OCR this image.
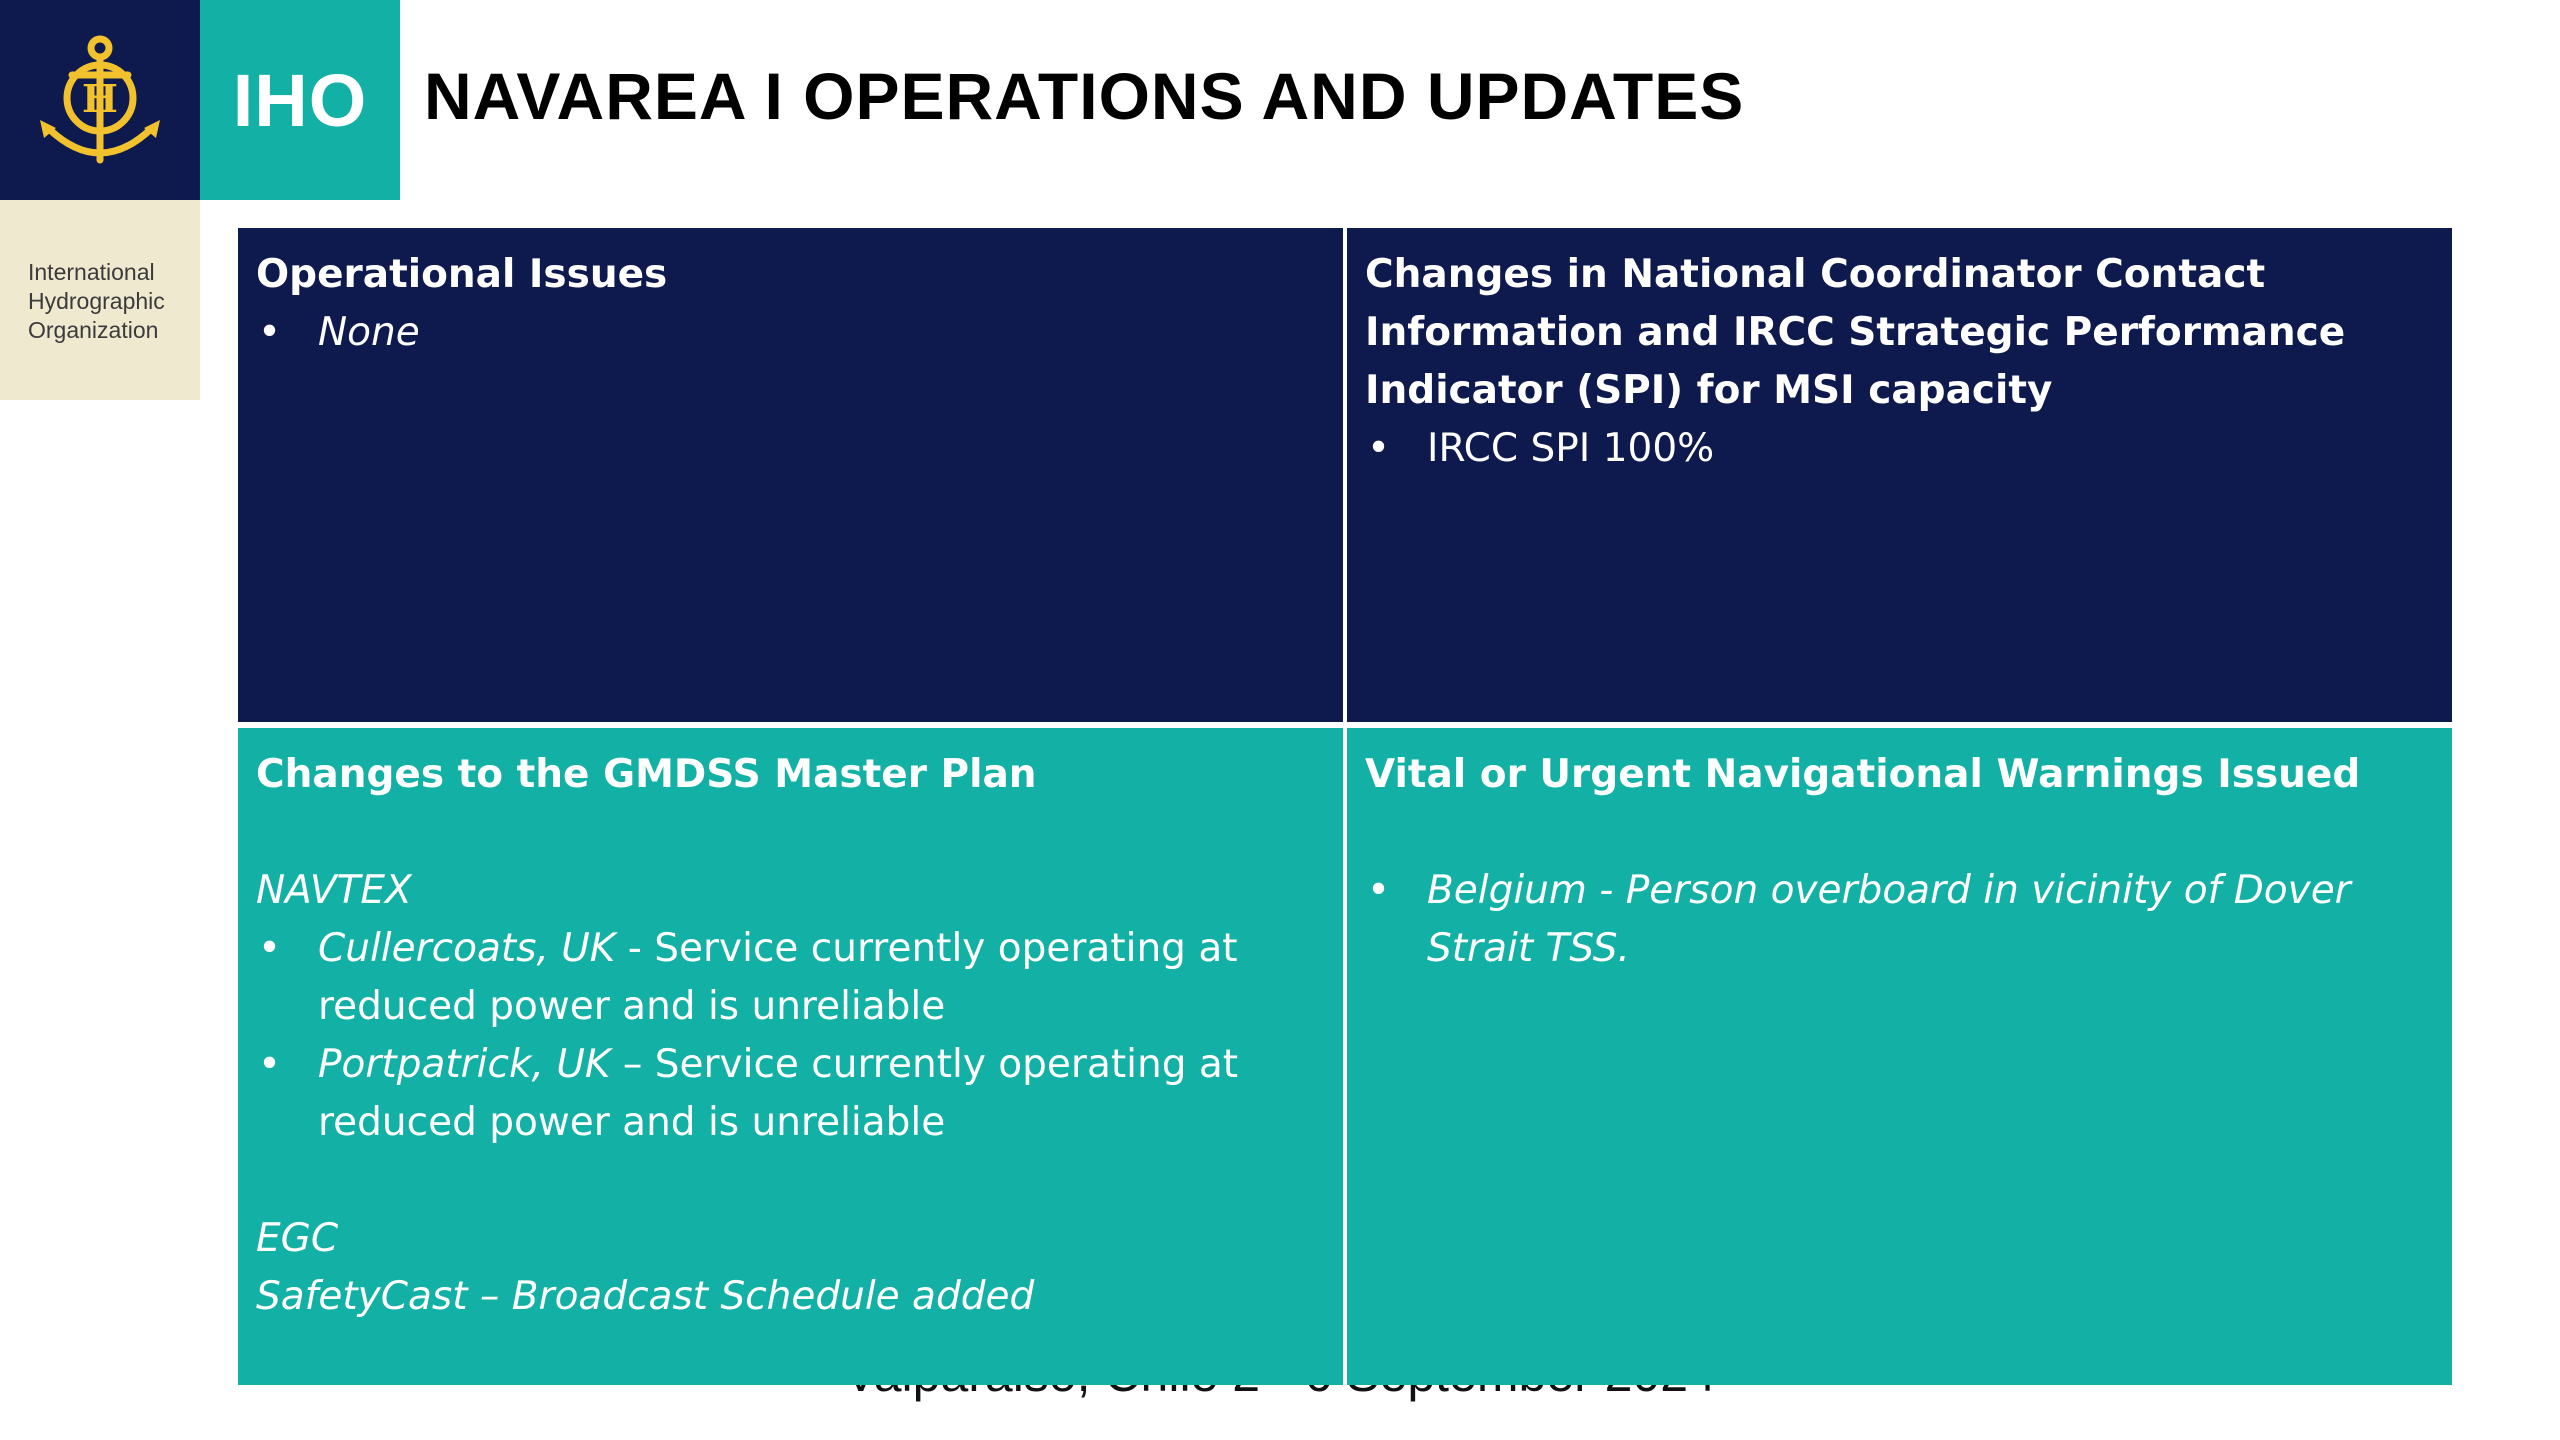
H IHO
International
Hydrographic
Organization
NAVAREA I OPERATIONS AND UPDATES
Operational Issues
• None
Changes in National Coordinator Contact Information and IRCC Strategic Performance Indicator (SPI) for MSI capacity
• IRCC SPI 100%
Changes to the GMDSS Master Plan
NAVTEX
• Cullercoats, UK - Service currently operating at reduced power and is unreliable
• Portpatrick, UK – Service currently operating at reduced power and is unreliable
EGC
SafetyCast – Broadcast Schedule added
Vital or Urgent Navigational Warnings Issued
• Belgium - Person overboard in vicinity of Dover Strait TSS.
